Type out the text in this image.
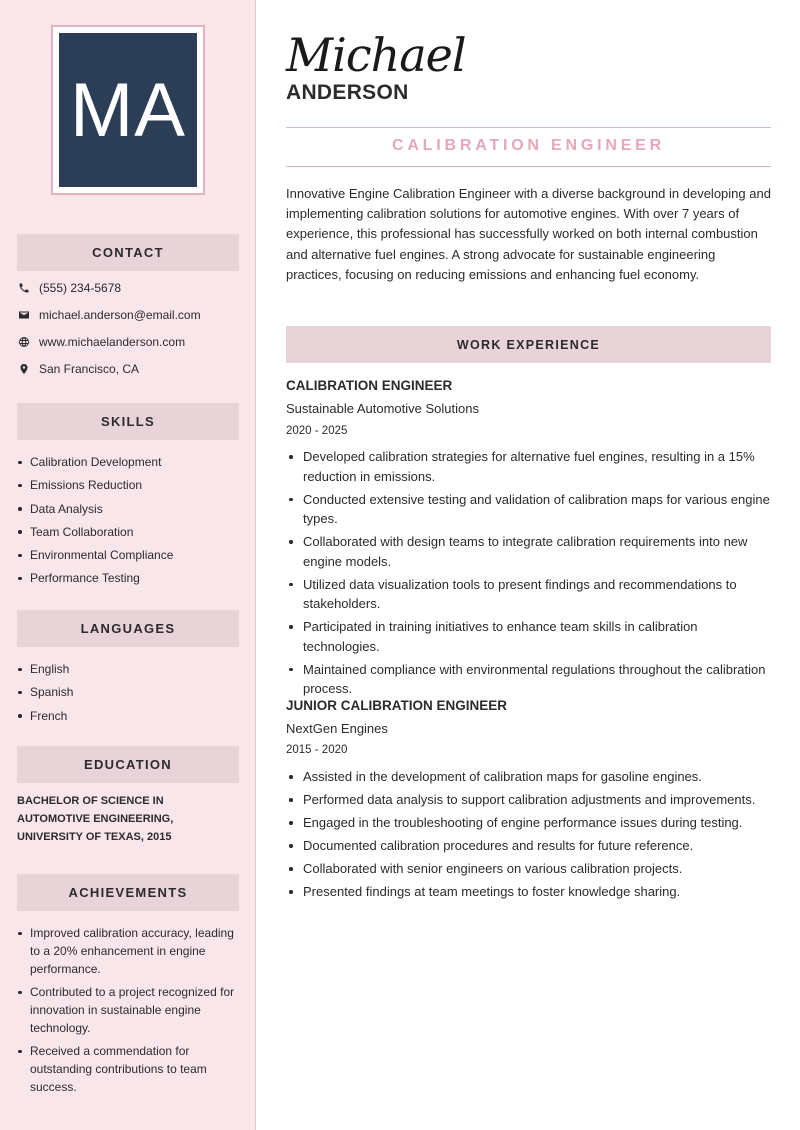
MA
CONTACT
(555) 234-5678
michael.anderson@email.com
www.michaelanderson.com
San Francisco, CA
SKILLS
Calibration Development
Emissions Reduction
Data Analysis
Team Collaboration
Environmental Compliance
Performance Testing
LANGUAGES
English
Spanish
French
EDUCATION
BACHELOR OF SCIENCE IN AUTOMOTIVE ENGINEERING, UNIVERSITY OF TEXAS, 2015
ACHIEVEMENTS
Improved calibration accuracy, leading to a 20% enhancement in engine performance.
Contributed to a project recognized for innovation in sustainable engine technology.
Received a commendation for outstanding contributions to team success.
Michael
ANDERSON
CALIBRATION ENGINEER
Innovative Engine Calibration Engineer with a diverse background in developing and implementing calibration solutions for automotive engines. With over 7 years of experience, this professional has successfully worked on both internal combustion and alternative fuel engines. A strong advocate for sustainable engineering practices, focusing on reducing emissions and enhancing fuel economy.
WORK EXPERIENCE
CALIBRATION ENGINEER
Sustainable Automotive Solutions
2020 - 2025
Developed calibration strategies for alternative fuel engines, resulting in a 15% reduction in emissions.
Conducted extensive testing and validation of calibration maps for various engine types.
Collaborated with design teams to integrate calibration requirements into new engine models.
Utilized data visualization tools to present findings and recommendations to stakeholders.
Participated in training initiatives to enhance team skills in calibration technologies.
Maintained compliance with environmental regulations throughout the calibration process.
JUNIOR CALIBRATION ENGINEER
NextGen Engines
2015 - 2020
Assisted in the development of calibration maps for gasoline engines.
Performed data analysis to support calibration adjustments and improvements.
Engaged in the troubleshooting of engine performance issues during testing.
Documented calibration procedures and results for future reference.
Collaborated with senior engineers on various calibration projects.
Presented findings at team meetings to foster knowledge sharing.
